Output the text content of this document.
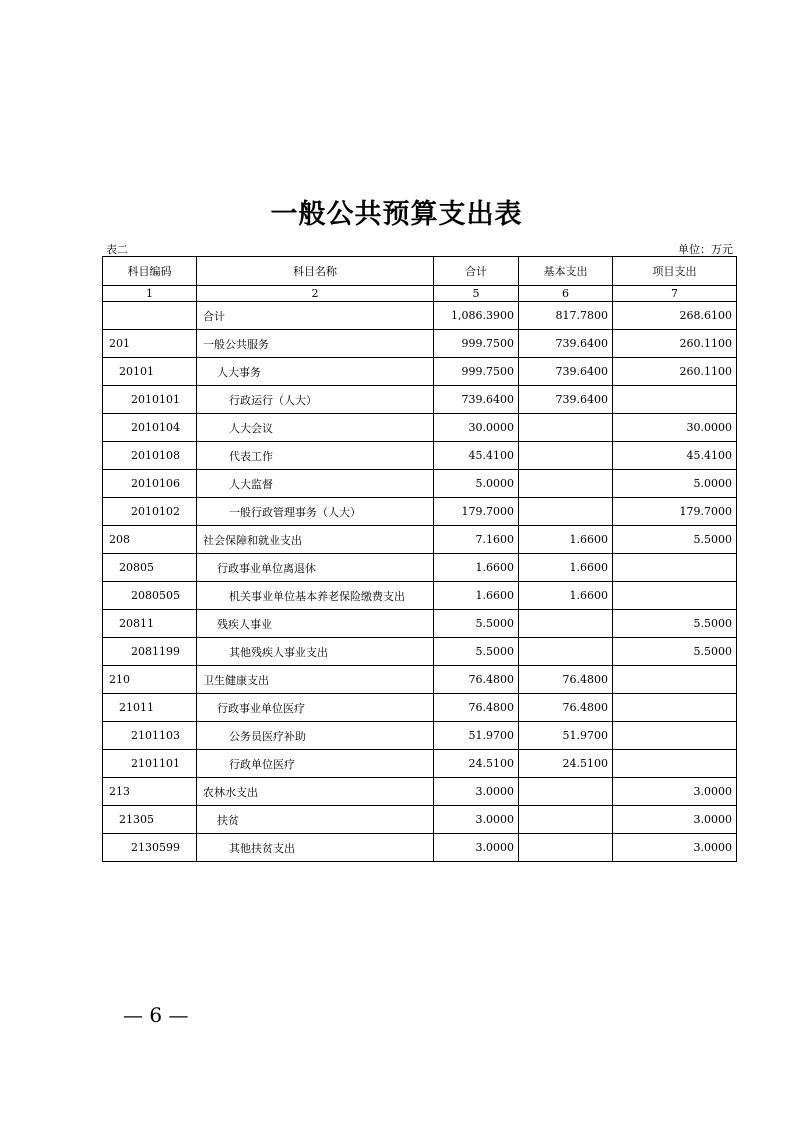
一般公共预算支出表
表二	单位：万元
科目编码	科目名称	合计	基本支出	项目支出
1	2	5	6	7
	合计	1,086.3900	817.7800	268.6100
201	一般公共服务	999.7500	739.6400	260.1100
20101	人大事务	999.7500	739.6400	260.1100
2010101	行政运行（人大）	739.6400	739.6400	
2010104	人大会议	30.0000		30.0000
2010108	代表工作	45.4100		45.4100
2010106	人大监督	5.0000		5.0000
2010102	一般行政管理事务（人大）	179.7000		179.7000
208	社会保障和就业支出	7.1600	1.6600	5.5000
20805	行政事业单位离退休	1.6600	1.6600	
2080505	机关事业单位基本养老保险缴费支出	1.6600	1.6600	
20811	残疾人事业	5.5000		5.5000
2081199	其他残疾人事业支出	5.5000		5.5000
210	卫生健康支出	76.4800	76.4800	
21011	行政事业单位医疗	76.4800	76.4800	
2101103	公务员医疗补助	51.9700	51.9700	
2101101	行政单位医疗	24.5100	24.5100	
213	农林水支出	3.0000		3.0000
21305	扶贫	3.0000		3.0000
2130599	其他扶贫支出	3.0000		3.0000
— 6 —
